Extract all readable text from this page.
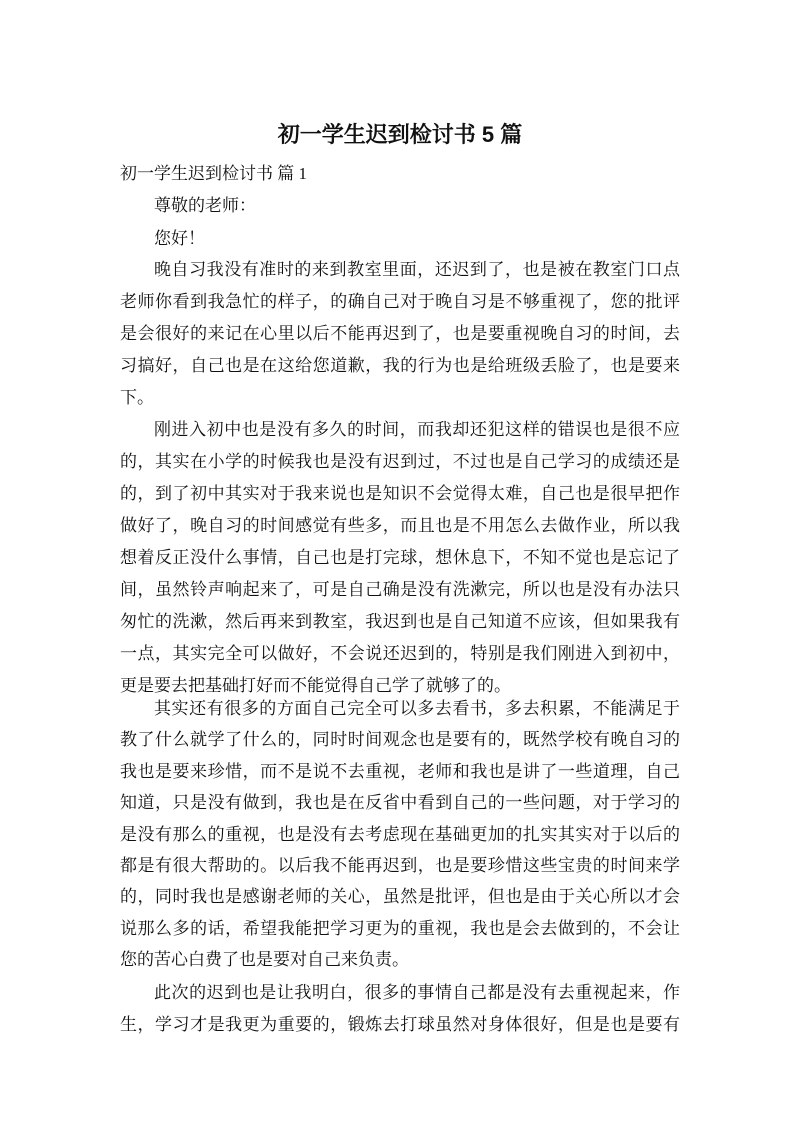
初一学生迟到检讨书 5 篇
初一学生迟到检讨书 篇 1
尊敬的老师：
您好！
晚自习我没有准时的来到教室里面，还迟到了，也是被在教室门口点
老师你看到我急忙的样子，的确自己对于晚自习是不够重视了，您的批评
是会很好的来记在心里以后不能再迟到了，也是要重视晚自习的时间，去
习搞好，自己也是在这给您道歉，我的行为也是给班级丢脸了，也是要来
下。
刚进入初中也是没有多久的时间，而我却还犯这样的错误也是很不应
的，其实在小学的时候我也是没有迟到过，不过也是自己学习的成绩还是
的，到了初中其实对于我来说也是知识不会觉得太难，自己也是很早把作
做好了，晚自习的时间感觉有些多，而且也是不用怎么去做作业，所以我
想着反正没什么事情，自己也是打完球，想休息下，不知不觉也是忘记了
间，虽然铃声响起来了，可是自己确是没有洗漱完，所以也是没有办法只
匆忙的洗漱，然后再来到教室，我迟到也是自己知道不应该，但如果我有
一点，其实完全可以做好，不会说还迟到的，特别是我们刚进入到初中，
更是要去把基础打好而不能觉得自己学了就够了的。
其实还有很多的方面自己完全可以多去看书，多去积累，不能满足于
教了什么就学了什么的，同时时间观念也是要有的，既然学校有晚自习的
我也是要来珍惜，而不是说不去重视，老师和我也是讲了一些道理，自己
知道，只是没有做到，我也是在反省中看到自己的一些问题，对于学习的
是没有那么的重视，也是没有去考虑现在基础更加的扎实其实对于以后的
都是有很大帮助的。以后我不能再迟到，也是要珍惜这些宝贵的时间来学
的，同时我也是感谢老师的关心，虽然是批评，但也是由于关心所以才会
说那么多的话，希望我能把学习更为的重视，我也是会去做到的，不会让
您的苦心白费了也是要对自己来负责。
此次的迟到也是让我明白，很多的事情自己都是没有去重视起来，作
生，学习才是我更为重要的，锻炼去打球虽然对身体很好，但是也是要有
